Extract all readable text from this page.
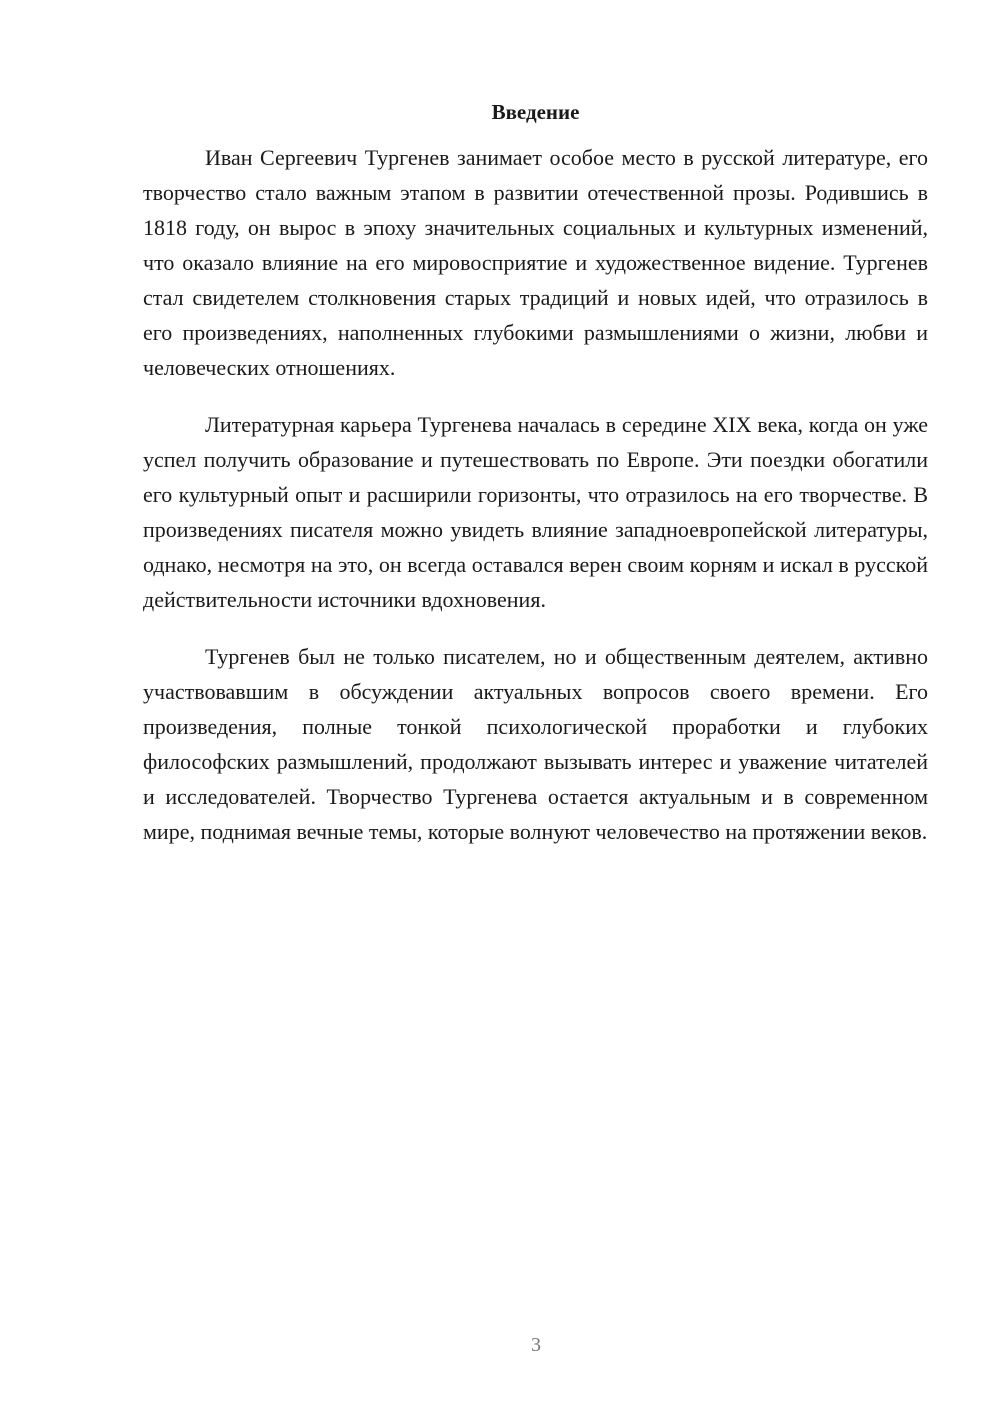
Введение

Иван Сергеевич Тургенев занимает особое место в русской литературе, его творчество стало важным этапом в развитии отечественной прозы. Родившись в 1818 году, он вырос в эпоху значительных социальных и культурных изменений, что оказало влияние на его мировосприятие и художественное видение. Тургенев стал свидетелем столкновения старых традиций и новых идей, что отразилось в его произведениях, наполненных глубокими размышлениями о жизни, любви и человеческих отношениях.

Литературная карьера Тургенева началась в середине XIX века, когда он уже успел получить образование и путешествовать по Европе. Эти поездки обогатили его культурный опыт и расширили горизонты, что отразилось на его творчестве. В произведениях писателя можно увидеть влияние западноевропейской литературы, однако, несмотря на это, он всегда оставался верен своим корням и искал в русской действительности источники вдохновения.

Тургенев был не только писателем, но и общественным деятелем, активно участвовавшим в обсуждении актуальных вопросов своего времени. Его произведения, полные тонкой психологической проработки и глубоких философских размышлений, продолжают вызывать интерес и уважение читателей и исследователей. Творчество Тургенева остается актуальным и в современном мире, поднимая вечные темы, которые волнуют человечество на протяжении веков.

3
